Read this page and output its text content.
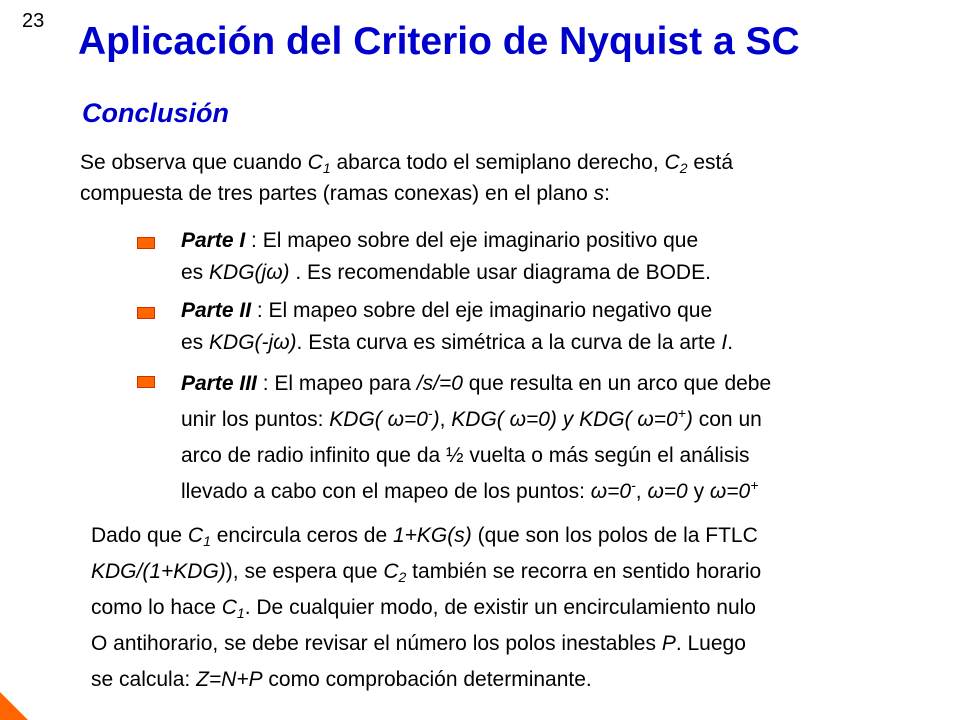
23 Aplicación del Criterio de Nyquist a SC
Conclusión
Se observa que cuando $C_1$ abarca todo el semiplano derecho, $C_2$ está
compuesta de tres partes (ramas conexas) en el plano s:
Parte I : El mapeo sobre del eje imaginario positivo que
es KDG(jω) . Es recomendable usar diagrama de BODE.
Parte II : El mapeo sobre del eje imaginario negativo que
es KDG(-jω). Esta curva es simétrica a la curva de la arte I.
Parte III : El mapeo para /s/=0 que resulta en un arco que debe
unir los puntos: KDG( ω=0-), KDG( ω=0) y KDG( ω=0+) con un
arco de radio infinito que da ½ vuelta o más según el análisis
llevado a cabo con el mapeo de los puntos: ω=0-, ω=0 y ω=0+
Dado que $C_1$ encircula ceros de 1+KG(s) (que son los polos de la FTLC
KDG/(1+KDG)), se espera que $C_2$ también se recorra en sentido horario
como lo hace $C_1$. De cualquier modo, de existir un encirculamiento nulo
O antihorario, se debe revisar el número los polos inestables P. Luego
se calcula: Z=N+P como comprobación determinante.
